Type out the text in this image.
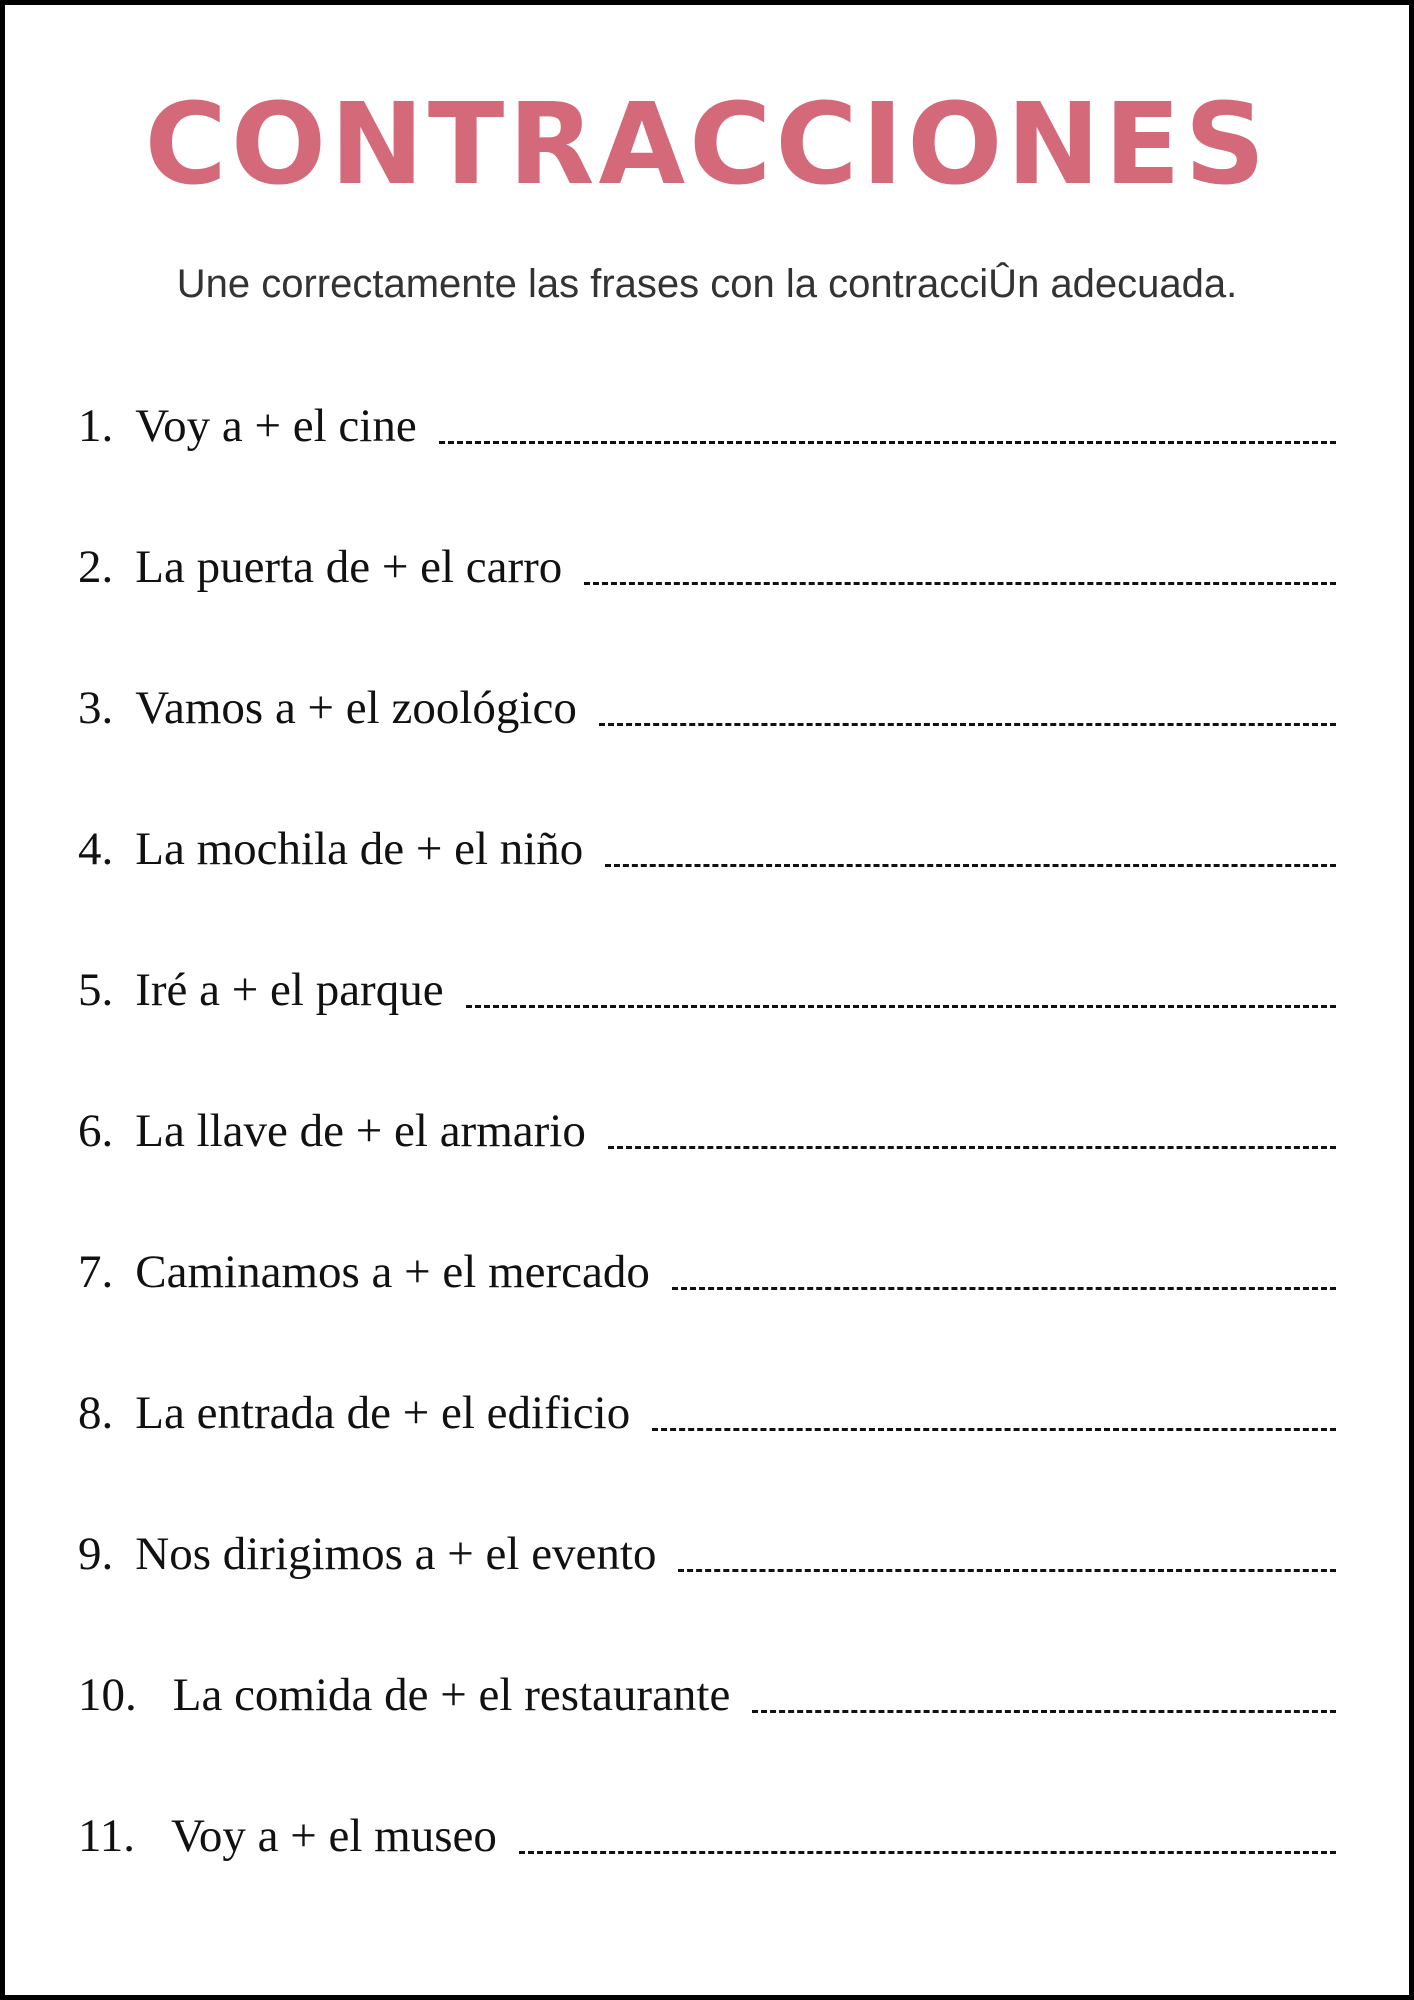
CONTRACCIONES

Une correctamente las frases con la contracciÛn adecuada.

1. Voy a + el cine
2. La puerta de + el carro
3. Vamos a + el zoológico
4. La mochila de + el niño
5. Iré a + el parque
6. La llave de + el armario
7. Caminamos a + el mercado
8. La entrada de + el edificio
9. Nos dirigimos a + el evento
10. La comida de + el restaurante
11. Voy a + el museo
